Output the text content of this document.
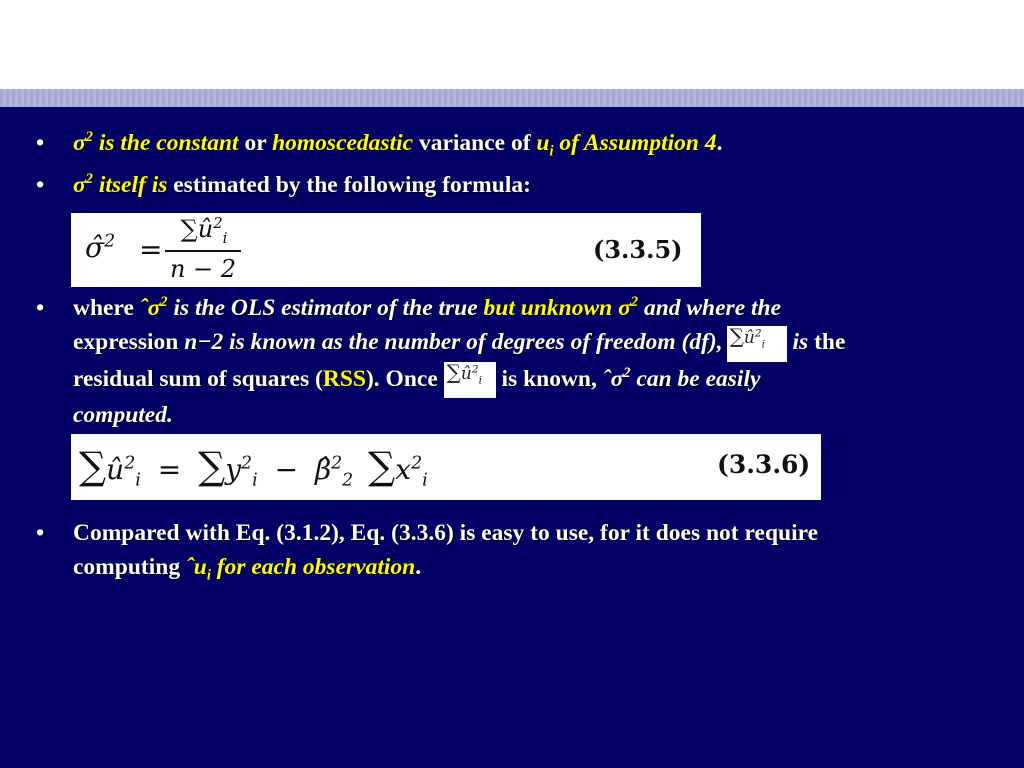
•	$\sigma^2$ is the constant or homoscedastic variance of $u_i$ of Assumption 4.
•	$\sigma^2$ itself is estimated by the following formula:
σ̂$^2$ =
$\sum û^2_i$
n − 2
(3.3.5)
•	where ˆσ$^2$ is the OLS estimator of the true but unknown $\sigma^2$ and where the
expression n−2 is known as the number of degrees of freedom (df), $\sum û^2_i$ is the
residual sum of squares (RSS). Once $\sum û^2_i$ is known, ˆσ$^2$ can be easily
computed.
$\sum û^2_i = \sum y^2_i$ − β̂$^2_2$ $\sum x^2_i$
(3.3.6)
•	Compared with Eq. (3.1.2), Eq. (3.3.6) is easy to use, for it does not require
computing ˆu$_i$ for each observation.
